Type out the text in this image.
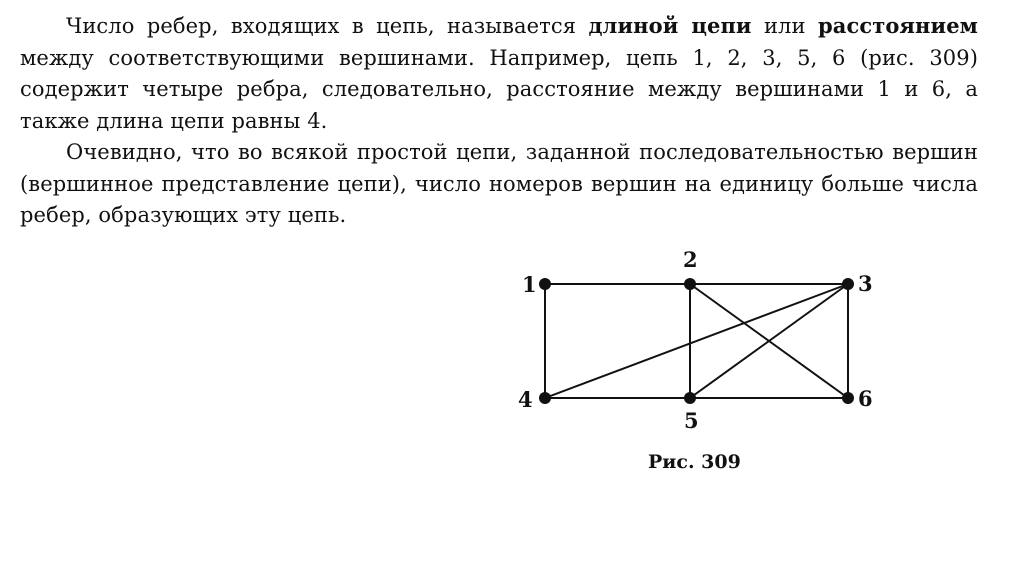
Число ребер, входящих в цепь, называется длиной цепи или расстоянием между соответствующими вершинами. Например, цепь 1, 2, 3, 5, 6 (рис. 309) содержит четыре ребра, следовательно, расстояние между вершинами 1 и 6, а также длина цепи равны 4.

Очевидно, что во всякой простой цепи, заданной последовательностью вершин (вершинное представление цепи), число номеров вершин на единицу больше числа ребер, образующих эту цепь.

1
2
3
4
5
6
Рис. 309
